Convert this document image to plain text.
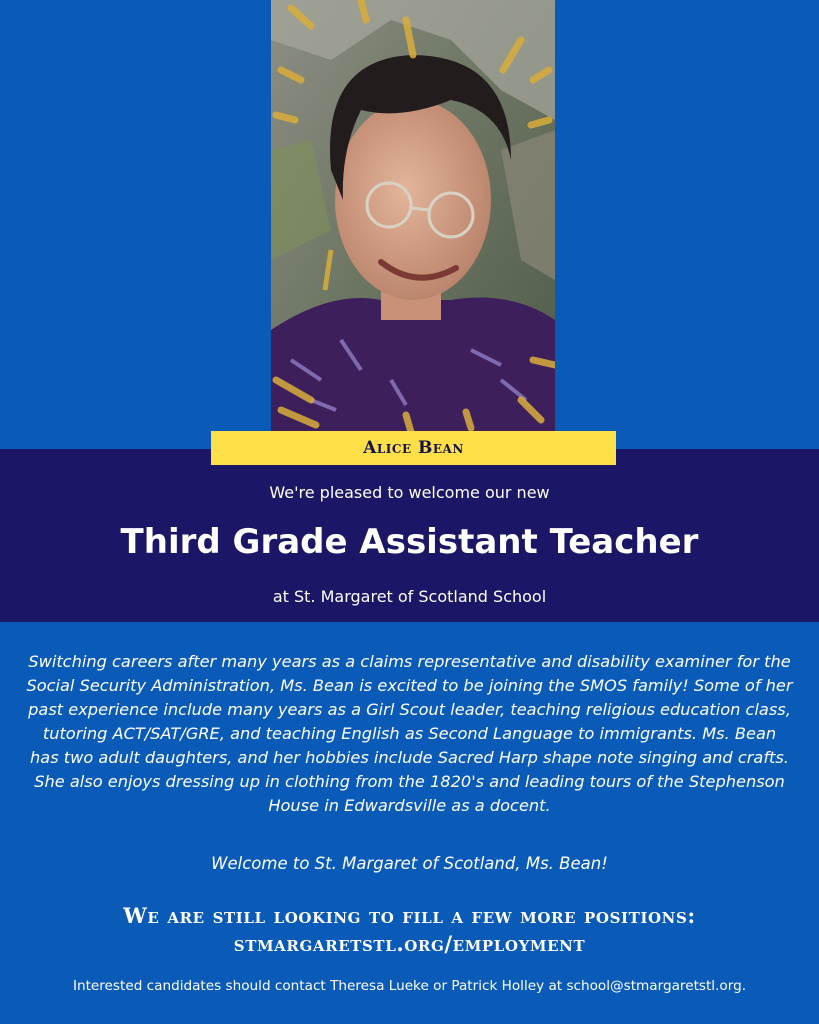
Alice Bean
We're pleased to welcome our new
Third Grade Assistant Teacher
at St. Margaret of Scotland School

Switching careers after many years as a claims representative and disability examiner for the Social Security Administration, Ms. Bean is excited to be joining the SMOS family! Some of her past experience include many years as a Girl Scout leader, teaching religious education class, tutoring ACT/SAT/GRE, and teaching English as Second Language to immigrants. Ms. Bean has two adult daughters, and her hobbies include Sacred Harp shape note singing and crafts. She also enjoys dressing up in clothing from the 1820's and leading tours of the Stephenson House in Edwardsville as a docent.

Welcome to St. Margaret of Scotland, Ms. Bean!

We are still looking to fill a few more positions:
stmargaretstl.org/employment
Interested candidates should contact Theresa Lueke or Patrick Holley at school@stmargaretstl.org.
